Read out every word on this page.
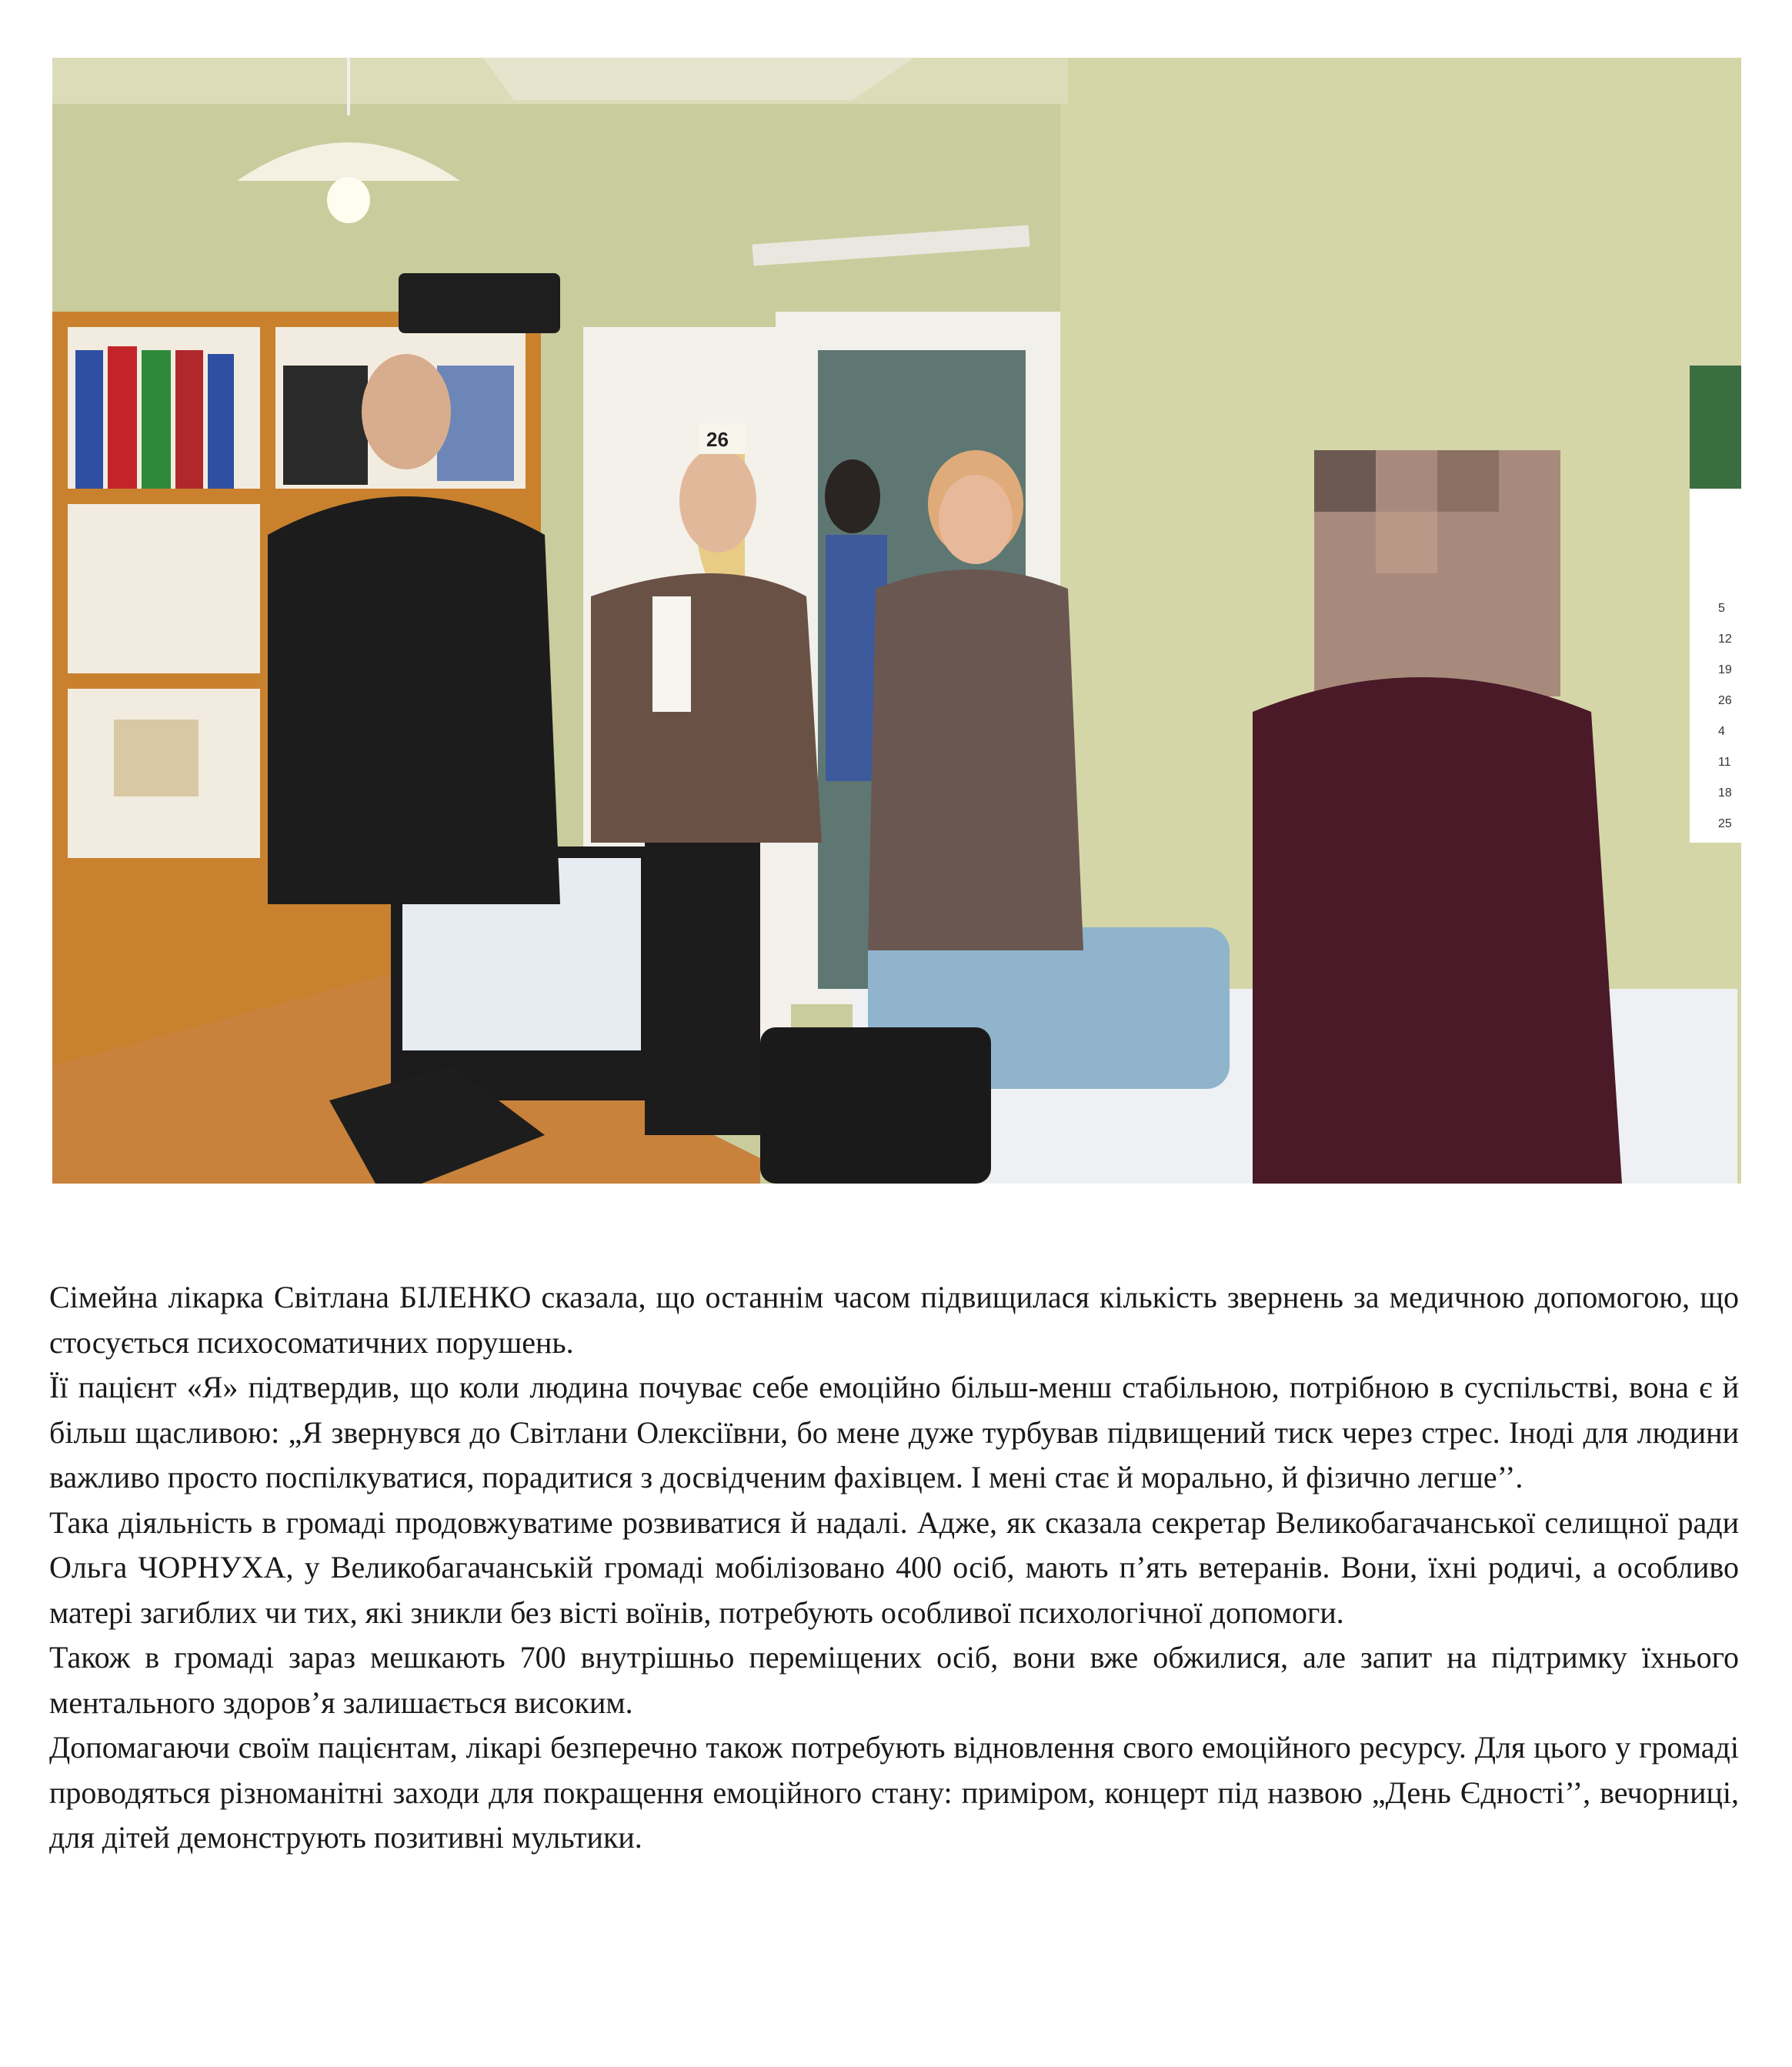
5
12
19
26
4
11
18
25
26

Сімейна лікарка Світлана БІЛЕНКО сказала, що останнім часом підвищилася кількість звернень за медичною допомогою, що стосується психосоматичних порушень.

Її пацієнт «Я» підтвердив, що коли людина почуває себе емоційно більш-менш стабільною, потрібною в суспільстві, вона є й більш щасливою: „Я звернувся до Світлани Олексіївни, бо мене дуже турбував підвищений тиск через стрес. Іноді для людини важливо просто поспілкуватися, порадитися з досвідченим фахівцем. І мені стає й морально, й фізично легше’’.

Така діяльність в громаді продовжуватиме розвиватися й надалі. Адже, як сказала секретар Великобагачанської селищної ради Ольга ЧОРНУХА, у Великобагачанській громаді мобілізовано 400 осіб, мають п’ять ветеранів. Вони, їхні родичі, а особливо матері загиблих чи тих, які зникли без вісті воїнів, потребують особливої психологічної допомоги.

Також в громаді зараз мешкають 700 внутрішньо переміщених осіб, вони вже обжилися, але запит на підтримку їхнього ментального здоров’я залишається високим.

Допомагаючи своїм пацієнтам, лікарі безперечно також потребують відновлення свого емоційного ресурсу. Для цього у громаді проводяться різноманітні заходи для покращення емоційного стану: приміром, концерт під назвою „День Єдності’’, вечорниці, для дітей демонструють позитивні мультики.
